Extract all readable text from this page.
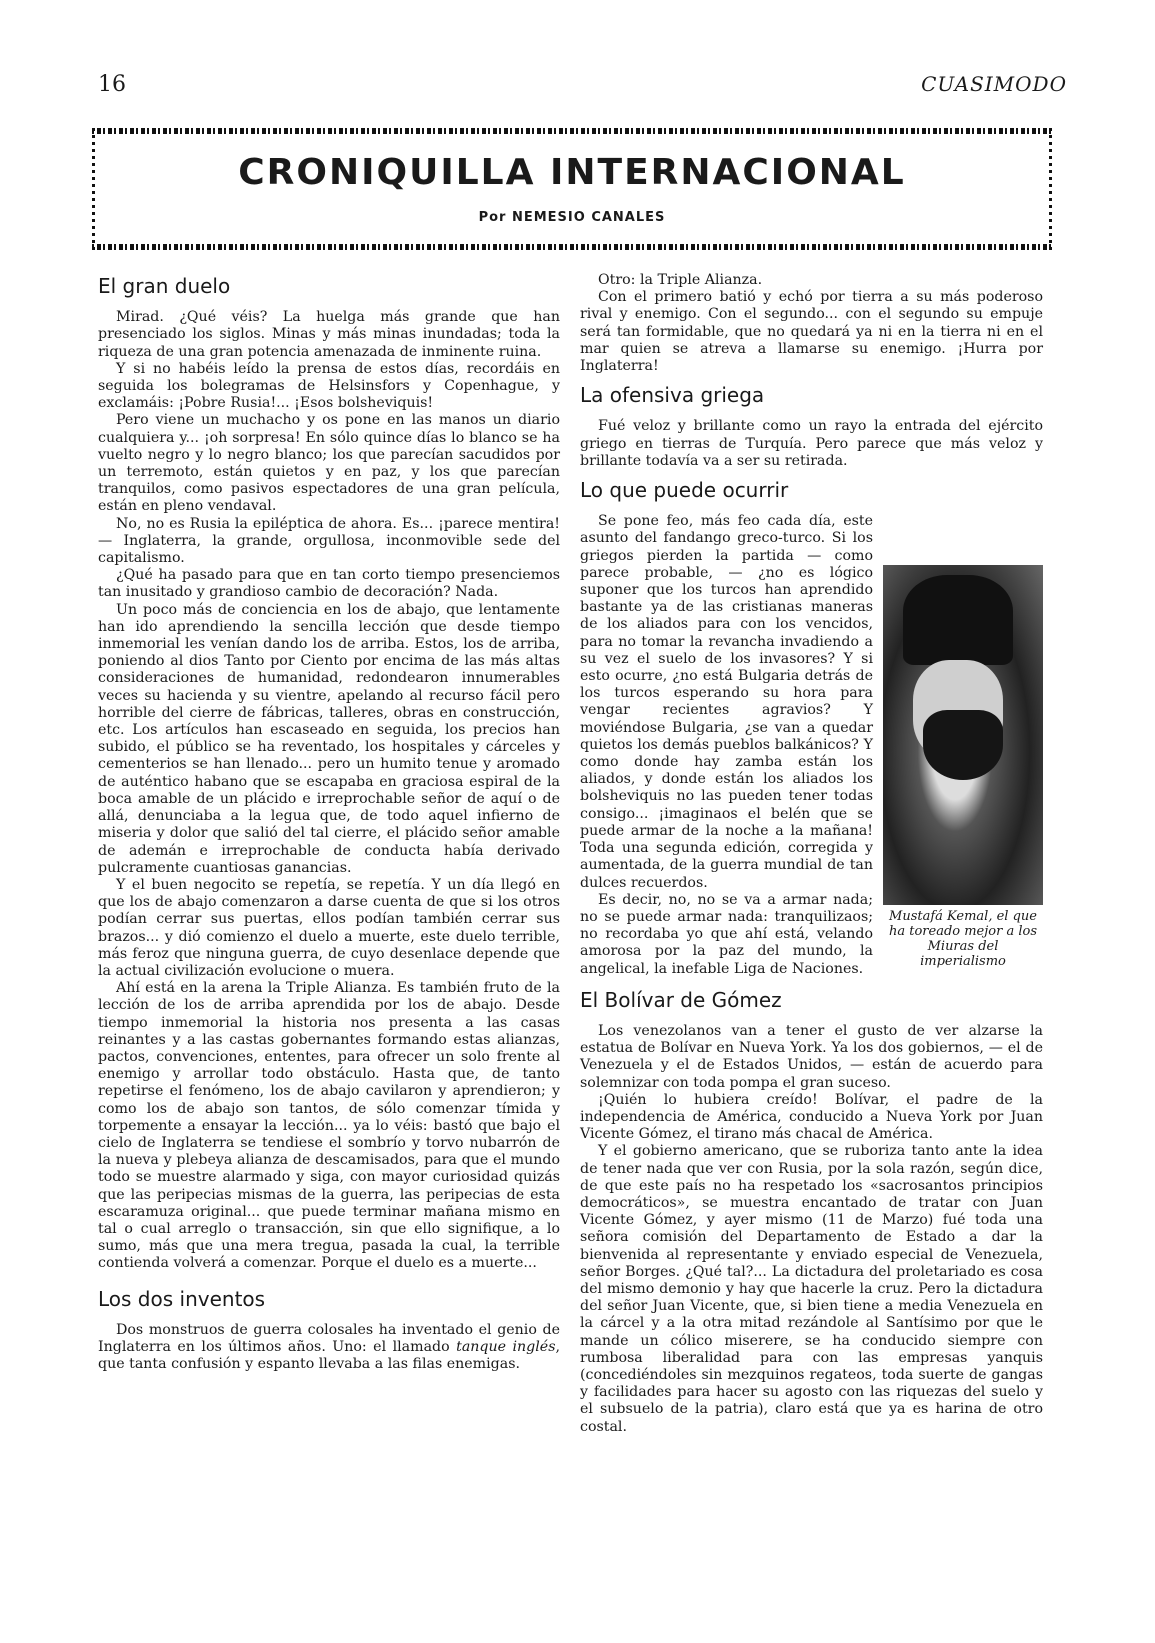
16	CUASIMODO
CRONIQUILLA INTERNACIONAL
Por NEMESIO CANALES
El gran duelo

Mirad. ¿Qué véis? La huelga más grande que han presenciado los siglos. Minas y más minas inundadas; toda la riqueza de una gran potencia amenazada de inminente ruina.

Y si no habéis leído la prensa de estos días, recordáis en seguida los bolegramas de Helsinsfors y Copenhague, y exclamáis: ¡Pobre Rusia!... ¡Esos bolsheviquis!

Pero viene un muchacho y os pone en las manos un diario cualquiera y... ¡oh sorpresa! En sólo quince días lo blanco se ha vuelto negro y lo negro blanco; los que parecían sacudidos por un terremoto, están quietos y en paz, y los que parecían tranquilos, como pasivos espectadores de una gran película, están en pleno vendaval.

No, no es Rusia la epiléptica de ahora. Es... ¡parece mentira! — Inglaterra, la grande, orgullosa, inconmovible sede del capitalismo.

¿Qué ha pasado para que en tan corto tiempo presenciemos tan inusitado y grandioso cambio de decoración? Nada.

Un poco más de conciencia en los de abajo, que lentamente han ido aprendiendo la sencilla lección que desde tiempo inmemorial les venían dando los de arriba. Estos, los de arriba, poniendo al dios Tanto por Ciento por encima de las más altas consideraciones de humanidad, redondearon innumerables veces su hacienda y su vientre, apelando al recurso fácil pero horrible del cierre de fábricas, talleres, obras en construcción, etc. Los artículos han escaseado en seguida, los precios han subido, el público se ha reventado, los hospitales y cárceles y cementerios se han llenado... pero un humito tenue y aromado de auténtico habano que se escapaba en graciosa espiral de la boca amable de un plácido e irreprochable señor de aquí o de allá, denunciaba a la legua que, de todo aquel infierno de miseria y dolor que salió del tal cierre, el plácido señor amable de ademán e irreprochable de conducta había derivado pulcramente cuantiosas ganancias.

Y el buen negocito se repetía, se repetía. Y un día llegó en que los de abajo comenzaron a darse cuenta de que si los otros podían cerrar sus puertas, ellos podían también cerrar sus brazos... y dió comienzo el duelo a muerte, este duelo terrible, más feroz que ninguna guerra, de cuyo desenlace depende que la actual civilización evolucione o muera.

Ahí está en la arena la Triple Alianza. Es también fruto de la lección de los de arriba aprendida por los de abajo. Desde tiempo inmemorial la historia nos presenta a las casas reinantes y a las castas gobernantes formando estas alianzas, pactos, convenciones, ententes, para ofrecer un solo frente al enemigo y arrollar todo obstáculo. Hasta que, de tanto repetirse el fenómeno, los de abajo cavilaron y aprendieron; y como los de abajo son tantos, de sólo comenzar tímida y torpemente a ensayar la lección... ya lo véis: bastó que bajo el cielo de Inglaterra se tendiese el sombrío y torvo nubarrón de la nueva y plebeya alianza de descamisados, para que el mundo todo se muestre alarmado y siga, con mayor curiosidad quizás que las peripecias mismas de la guerra, las peripecias de esta escaramuza original... que puede terminar mañana mismo en tal o cual arreglo o transacción, sin que ello signifique, a lo sumo, más que una mera tregua, pasada la cual, la terrible contienda volverá a comenzar. Porque el duelo es a muerte...

Los dos inventos

Dos monstruos de guerra colosales ha inventado el genio de Inglaterra en los últimos años. Uno: el llamado tanque inglés, que tanta confusión y espanto llevaba a las filas enemigas.

Otro: la Triple Alianza.

Con el primero batió y echó por tierra a su más poderoso rival y enemigo. Con el segundo... con el segundo su empuje será tan formidable, que no quedará ya ni en la tierra ni en el mar quien se atreva a llamarse su enemigo. ¡Hurra por Inglaterra!

La ofensiva griega

Fué veloz y brillante como un rayo la entrada del ejército griego en tierras de Turquía. Pero parece que más veloz y brillante todavía va a ser su retirada.

Lo que puede ocurrir
Mustafá Kemal, el que ha toreado mejor a los Miuras del imperialismo

Se pone feo, más feo cada día, este asunto del fandango greco-turco. Si los griegos pierden la partida — como parece probable, — ¿no es lógico suponer que los turcos han aprendido bastante ya de las cristianas maneras de los aliados para con los vencidos, para no tomar la revancha invadiendo a su vez el suelo de los invasores? Y si esto ocurre, ¿no está Bulgaria detrás de los turcos esperando su hora para vengar recientes agravios? Y moviéndose Bulgaria, ¿se van a quedar quietos los demás pueblos balkánicos? Y como donde hay zamba están los aliados, y donde están los aliados los bolsheviquis no las pueden tener todas consigo... ¡imaginaos el belén que se puede armar de la noche a la mañana! Toda una segunda edición, corregida y aumentada, de la guerra mundial de tan dulces recuerdos.

Es decir, no, no se va a armar nada; no se puede armar nada: tranquilizaos; no recordaba yo que ahí está, velando amorosa por la paz del mundo, la angelical, la inefable Liga de Naciones.

El Bolívar de Gómez

Los venezolanos van a tener el gusto de ver alzarse la estatua de Bolívar en Nueva York. Ya los dos gobiernos, — el de Venezuela y el de Estados Unidos, — están de acuerdo para solemnizar con toda pompa el gran suceso.

¡Quién lo hubiera creído! Bolívar, el padre de la independencia de América, conducido a Nueva York por Juan Vicente Gómez, el tirano más chacal de América.

Y el gobierno americano, que se ruboriza tanto ante la idea de tener nada que ver con Rusia, por la sola razón, según dice, de que este país no ha respetado los «sacrosantos principios democráticos», se muestra encantado de tratar con Juan Vicente Gómez, y ayer mismo (11 de Marzo) fué toda una señora comisión del Departamento de Estado a dar la bienvenida al representante y enviado especial de Venezuela, señor Borges. ¿Qué tal?... La dictadura del proletariado es cosa del mismo demonio y hay que hacerle la cruz. Pero la dictadura del señor Juan Vicente, que, si bien tiene a media Venezuela en la cárcel y a la otra mitad rezándole al Santísimo por que le mande un cólico miserere, se ha conducido siempre con rumbosa liberalidad para con las empresas yanquis (concediéndoles sin mezquinos regateos, toda suerte de gangas y facilidades para hacer su agosto con las riquezas del suelo y el subsuelo de la patria), claro está que ya es harina de otro costal.
